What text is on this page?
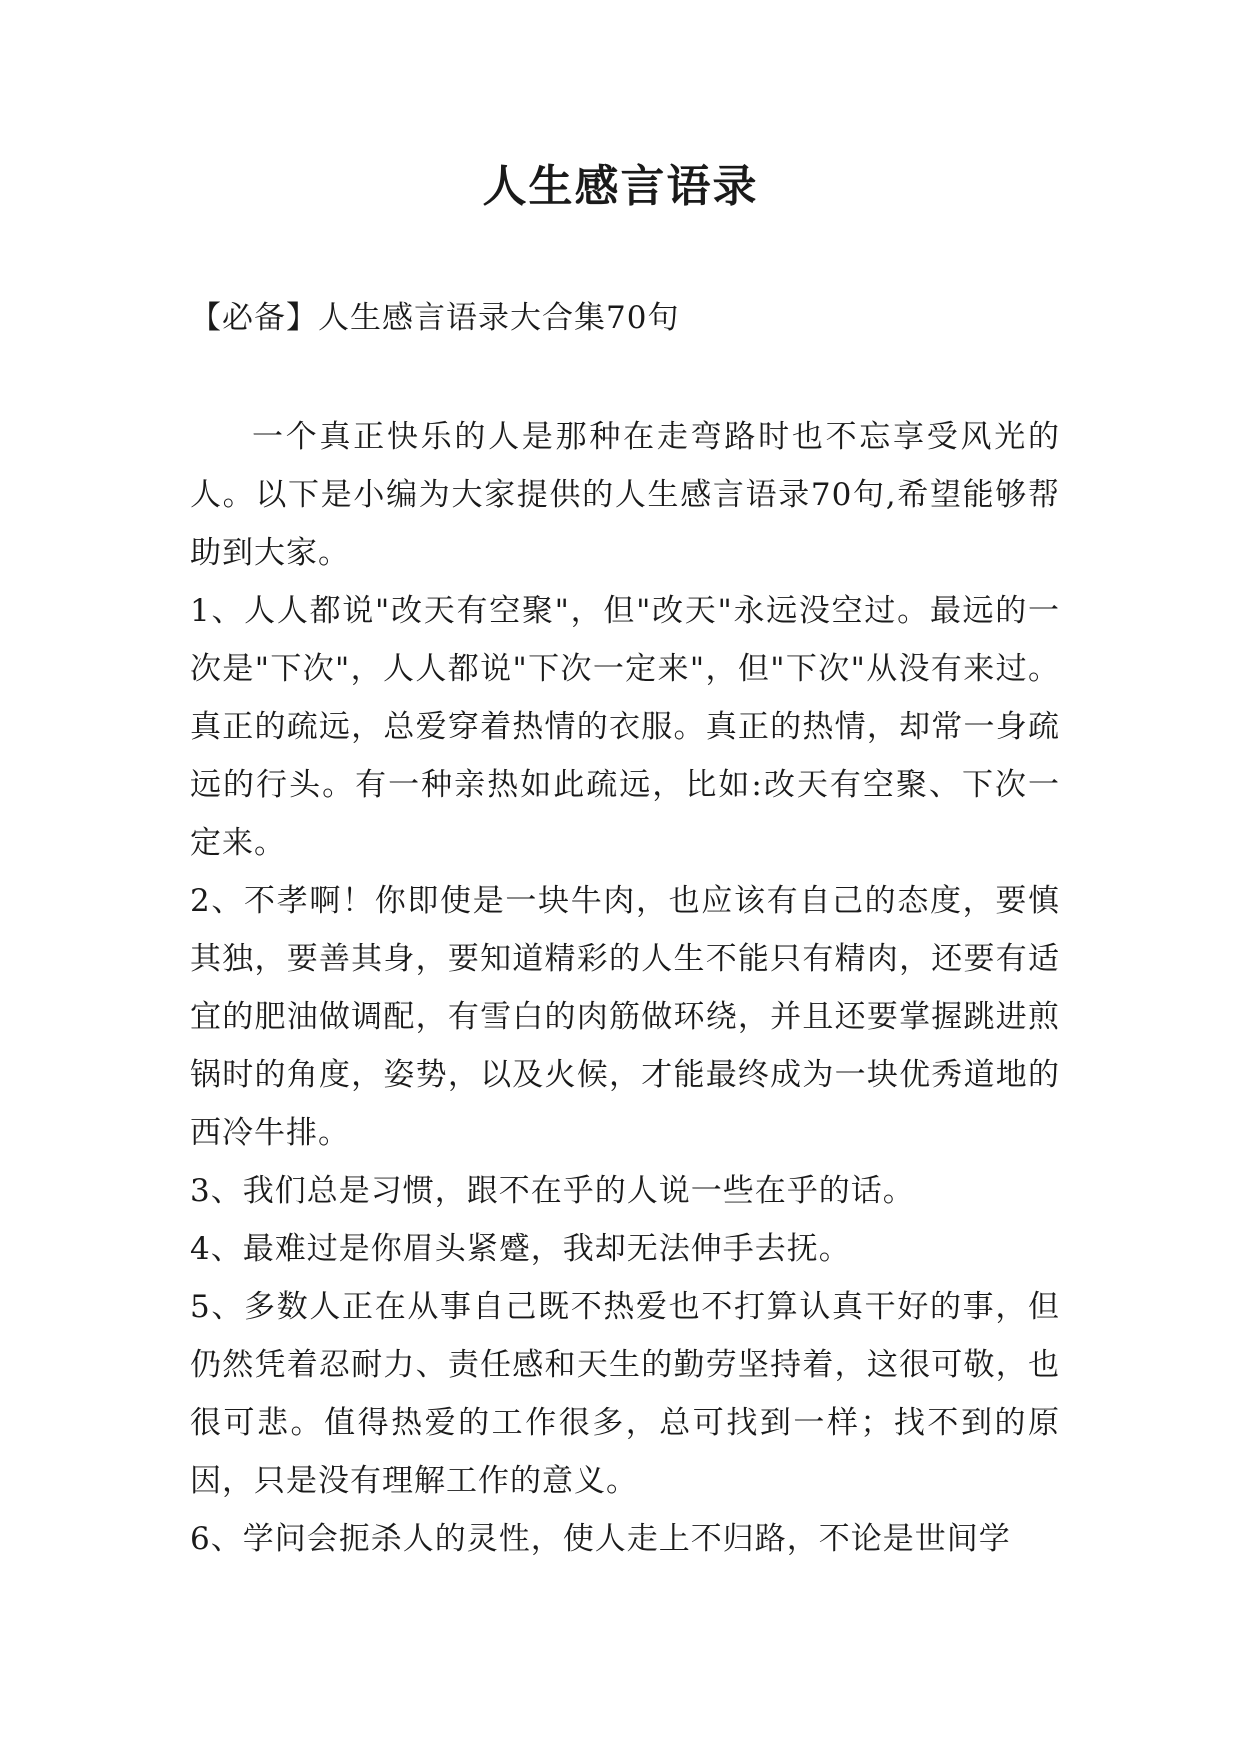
人生感言语录

【必备】人生感言语录大合集70句

一个真正快乐的人是那种在走弯路时也不忘享受风光的人。以下是小编为大家提供的人生感言语录70句,希望能够帮助到大家。

1、人人都说"改天有空聚"，但"改天"永远没空过。最远的一次是"下次"，人人都说"下次一定来"，但"下次"从没有来过。真正的疏远，总爱穿着热情的衣服。真正的热情，却常一身疏远的行头。有一种亲热如此疏远，比如:改天有空聚、下次一定来。

2、不孝啊！你即使是一块牛肉，也应该有自己的态度，要慎其独，要善其身，要知道精彩的人生不能只有精肉，还要有适宜的肥油做调配，有雪白的肉筋做环绕，并且还要掌握跳进煎锅时的角度，姿势，以及火候，才能最终成为一块优秀道地的西冷牛排。

3、我们总是习惯，跟不在乎的人说一些在乎的话。

4、最难过是你眉头紧蹙，我却无法伸手去抚。

5、多数人正在从事自己既不热爱也不打算认真干好的事，但仍然凭着忍耐力、责任感和天生的勤劳坚持着，这很可敬，也很可悲。值得热爱的工作很多，总可找到一样；找不到的原因，只是没有理解工作的意义。

6、学问会扼杀人的灵性，使人走上不归路，不论是世间学
